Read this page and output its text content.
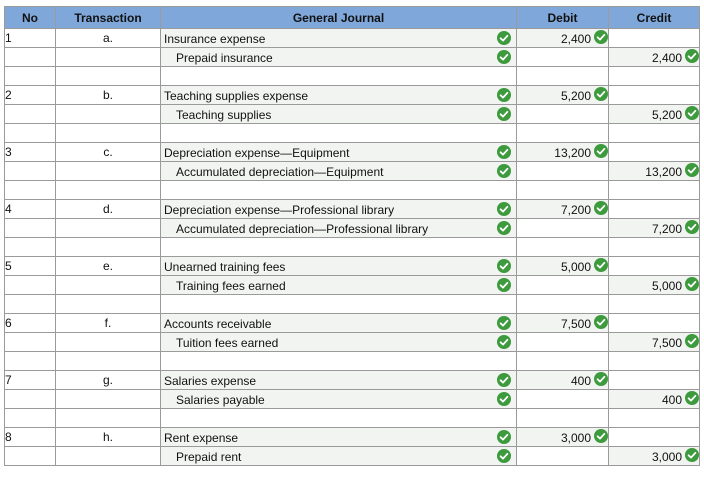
No	Transaction	General Journal	Debit	Credit
1	a.	Insurance expense	2,400	

		Prepaid insurance		2,400

2	b.	Teaching supplies expense	5,200	

		Teaching supplies		5,200

3	c.	Depreciation expense—Equipment	13,200	

		Accumulated depreciation—Equipment		13,200

4	d.	Depreciation expense—Professional library	7,200	

		Accumulated depreciation—Professional library		7,200

5	e.	Unearned training fees	5,000	

		Training fees earned		5,000

6	f.	Accounts receivable	7,500	

		Tuition fees earned		7,500

7	g.	Salaries expense	400	

		Salaries payable		400

8	h.	Rent expense	3,000	

		Prepaid rent		3,000
